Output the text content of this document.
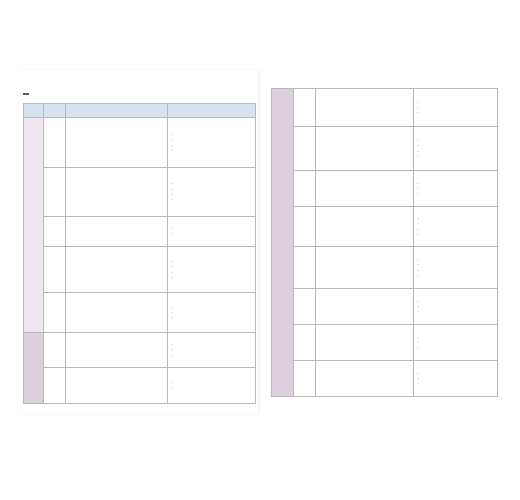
			・
・
・
・

			・
・
・
・

			・
・

			・
・
・
・

			・
・
・

			・
・
・

			・
・

			・
・
・

			・
・
・
・

			・
・
・

			・
・
・
・

			・
・
・
・

			・
・
・

			・
・
・

			・
・
・
